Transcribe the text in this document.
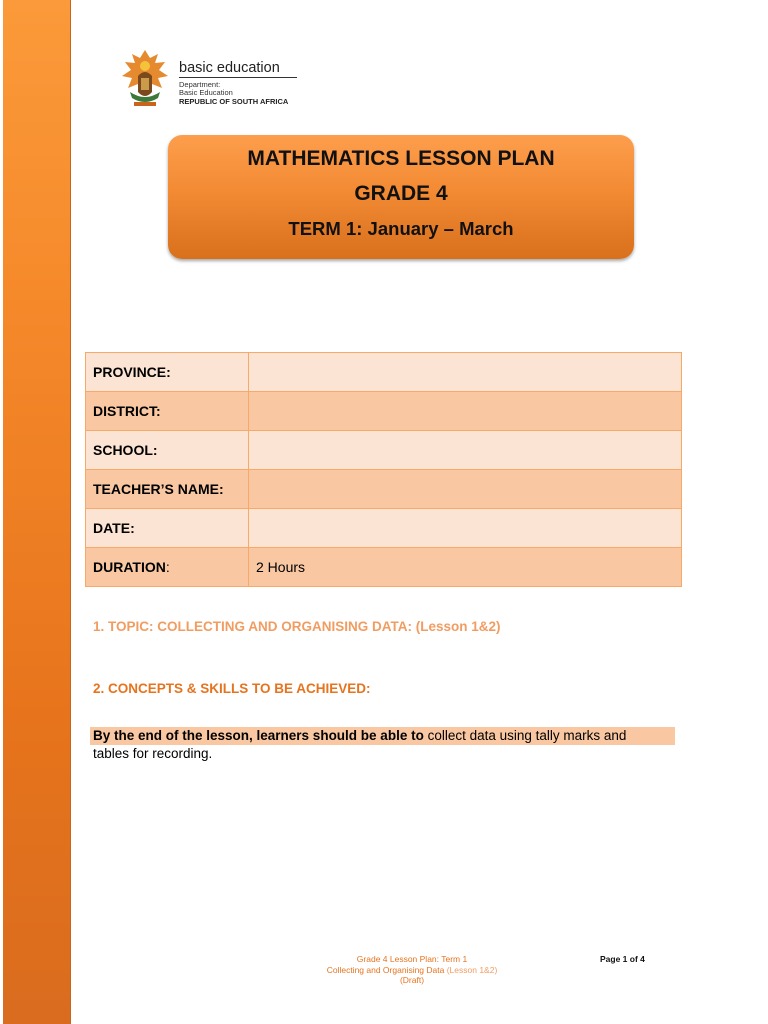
basic education
Department:
Basic Education
REPUBLIC OF SOUTH AFRICA
MATHEMATICS LESSON PLAN
GRADE 4
TERM 1: January – March
PROVINCE:	
DISTRICT:	
SCHOOL:	
TEACHER’S NAME:	
DATE:	
DURATION:	2 Hours
1. TOPIC: COLLECTING AND ORGANISING DATA: (Lesson 1&2)
2. CONCEPTS & SKILLS TO BE ACHIEVED:
By the end of the lesson, learners should be able to collect data using tally marks and
tables for recording.
Grade 4 Lesson Plan: Term 1
Collecting and Organising Data (Lesson 1&2)
(Draft)
Page 1 of 4
